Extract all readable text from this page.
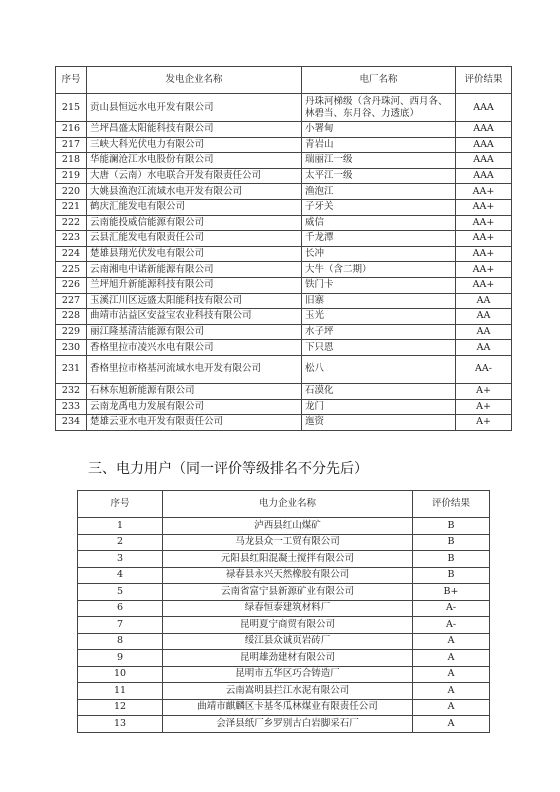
序号	发电企业名称	电厂名称	评价结果
215	贡山县恒远水电开发有限公司	丹珠河梯级（含丹珠河、西月各、林碧当、东月谷、力透底）	AAA
216	兰坪昌盛太阳能科技有限公司	小署甸	AAA
217	三峡大科光伏电力有限公司	青岩山	AAA
218	华能澜沧江水电股份有限公司	瑞丽江一级	AAA
219	大唐（云南）水电联合开发有限责任公司	太平江一级	AAA
220	大姚县渔泡江流域水电开发有限公司	渔泡江	AA+
221	鹤庆汇能发电有限公司	子牙关	AA+
222	云南能投威信能源有限公司	威信	AA+
223	云县汇能发电有限责任公司	千龙潭	AA+
224	楚雄县翔光伏发电有限公司	长冲	AA+
225	云南湘电中诺新能源有限公司	大牛（含二期）	AA+
226	兰坪旭升新能源科技有限公司	铁门卡	AA+
227	玉溪江川区远盛太阳能科技有限公司	旧寨	AA
228	曲靖市沾益区安益宝农业科技有限公司	玉光	AA
229	丽江隆基清洁能源有限公司	水子坪	AA
230	香格里拉市凌兴水电有限公司	下只恩	AA
231	香格里拉市格基河流域水电开发有限公司	松八	AA-
232	石林东旭新能源有限公司	石漠化	A+
233	云南龙禹电力发展有限公司	龙门	A+
234	楚雄云亚水电开发有限责任公司	迤资	A+
三、电力用户（同一评价等级排名不分先后）
序号	电力企业名称	评价结果
1	泸西县红山煤矿	B
2	马龙县众一工贸有限公司	B
3	元阳县红阳混凝土搅拌有限公司	B
4	禄春县永兴天然橡胶有限公司	B
5	云南省富宁县新源矿业有限公司	B+
6	绿春恒泰建筑材料厂	A-
7	昆明夏宁商贸有限公司	A-
8	绥江县众诚页岩砖厂	A
9	昆明雄劲建材有限公司	A
10	昆明市五华区巧合铸造厂	A
11	云南嵩明县拦江水泥有限公司	A
12	曲靖市麒麟区卡基冬瓜林煤业有限责任公司	A
13	会泽县纸厂乡罗别古白岩脚采石厂	A
